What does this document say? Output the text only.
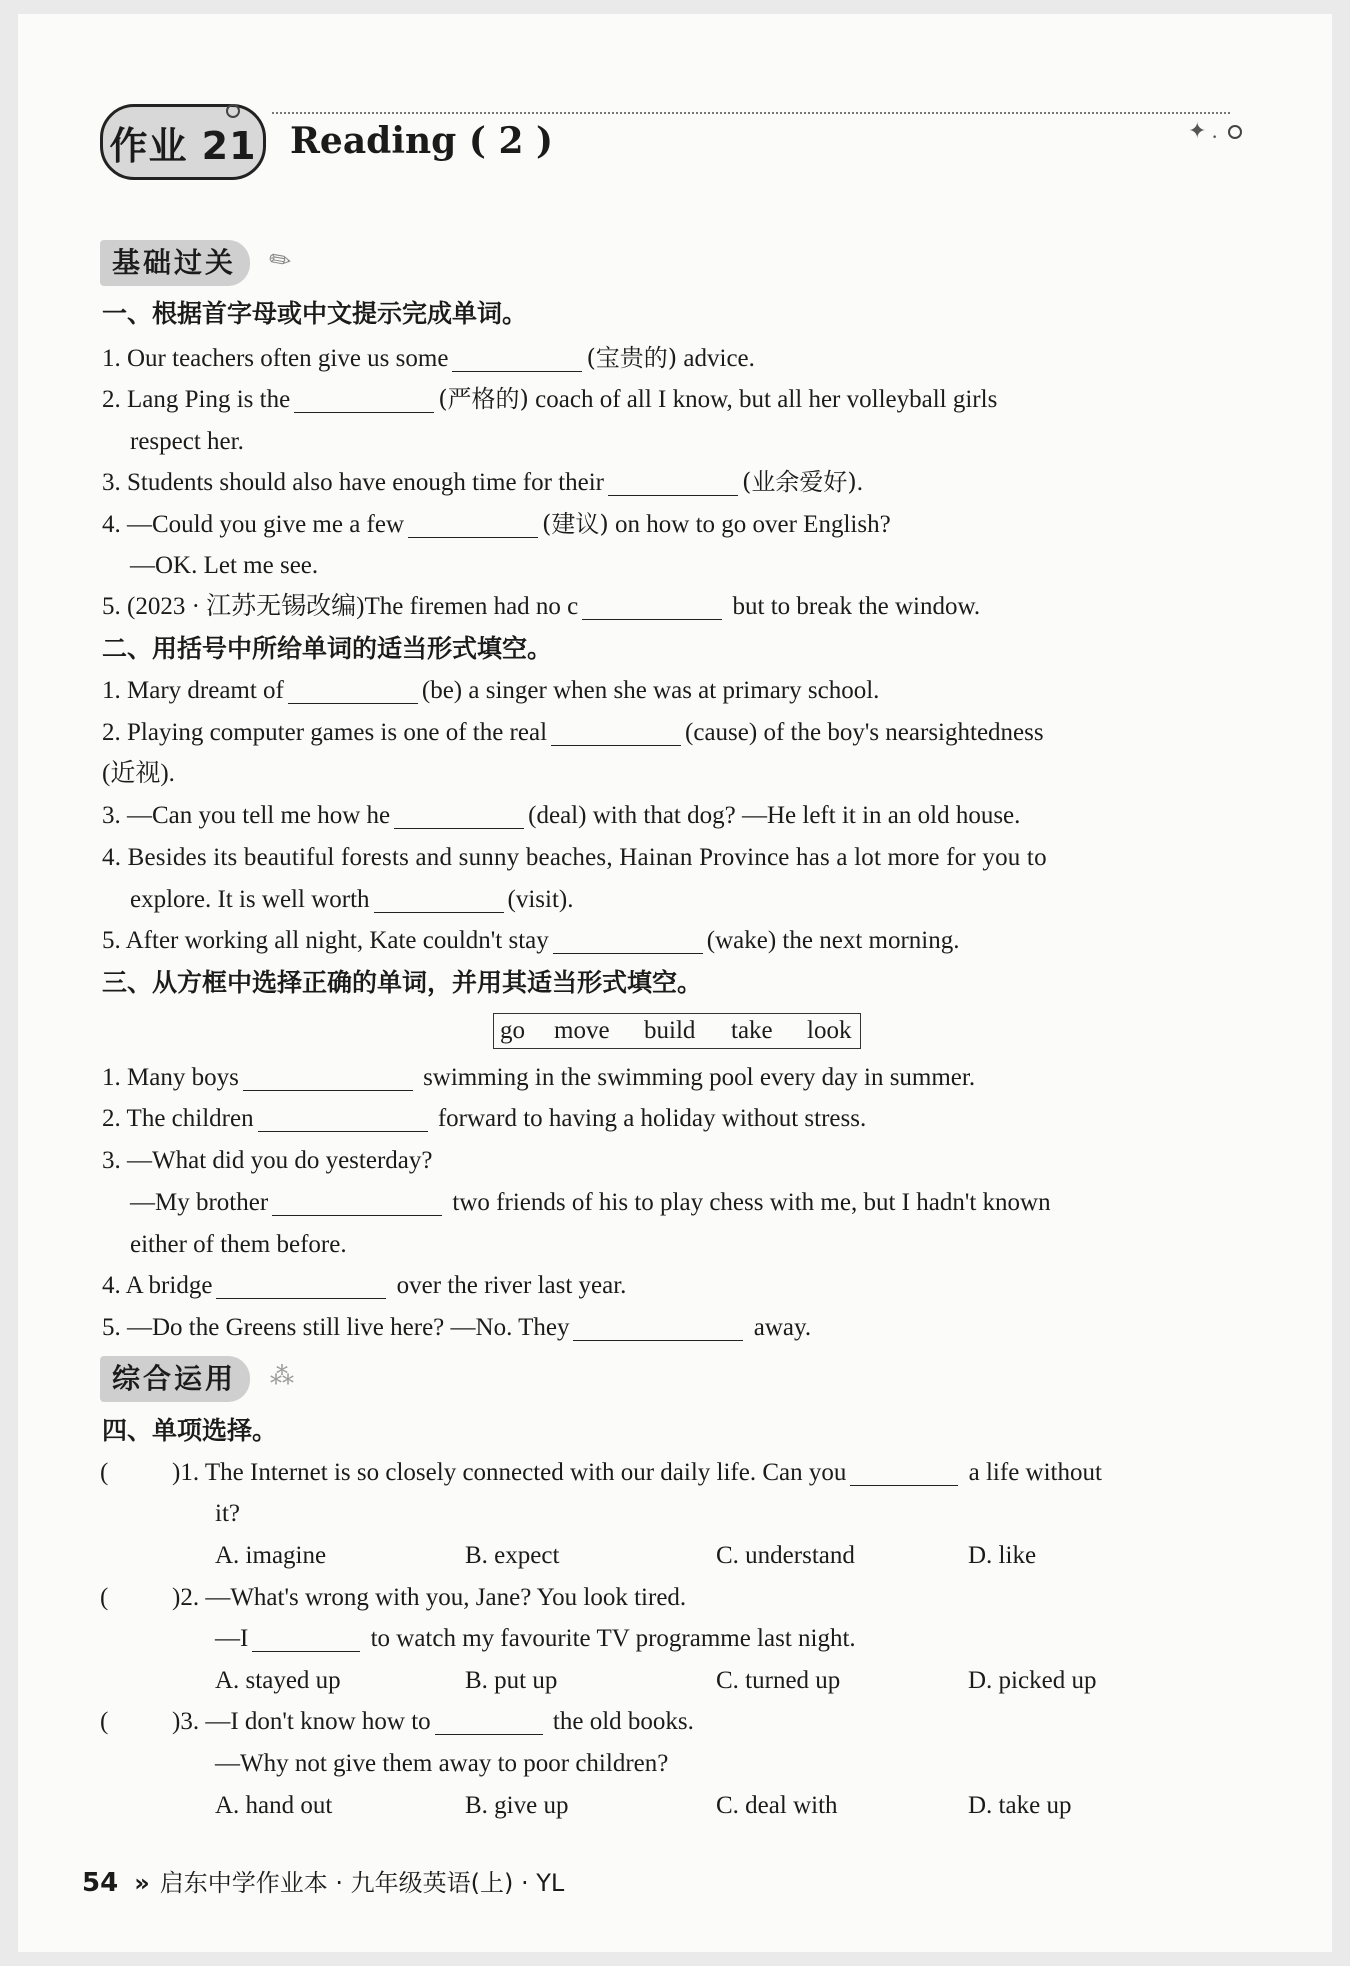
作业 21	✦ .
Reading ( 2 )
基础过关	✎
一、根据首字母或中文提示完成单词。
1. Our teachers often give us some	(宝贵的) advice.
2. Lang Ping is the	(严格的) coach of all I know, but all her volleyball girls
respect her.
3. Students should also have enough time for their	(业余爱好).
4. —Could you give me a few	(建议) on how to go over English?
—OK. Let me see.
5. (2023 · 江苏无锡改编)The firemen had no c	but to break the window.
二、用括号中所给单词的适当形式填空。
1. Mary dreamt of	(be) a singer when she was at primary school.
2. Playing computer games is one of the real	(cause) of the boy's nearsightedness
(近视).
3. —Can you tell me how he	(deal) with that dog? —He left it in an old house.
4. Besides its beautiful forests and sunny beaches, Hainan Province has a lot more for you to
explore. It is well worth	(visit).
5. After working all night, Kate couldn't stay	(wake) the next morning.
三、从方框中选择正确的单词，并用其适当形式填空。
go move build take look
1. Many boys	swimming in the swimming pool every day in summer.
2. The children	forward to having a holiday without stress.
3. —What did you do yesterday?
—My brother	two friends of his to play chess with me, but I hadn't known
either of them before.
4. A bridge	over the river last year.
5. —Do the Greens still live here? —No. They	away.
综合运用	⁂
四、单项选择。
(	)1. The Internet is so closely connected with our daily life. Can you	a life without
it?
A. imagine	B. expect	C. understand	D. like
(	)2. —What's wrong with you, Jane? You look tired.
—I	to watch my favourite TV programme last night.
A. stayed up	B. put up	C. turned up	D. picked up
(	)3. —I don't know how to	the old books.
—Why not give them away to poor children?
A. hand out	B. give up	C. deal with	D. take up
54 » 启东中学作业本 · 九年级英语(上) · YL
